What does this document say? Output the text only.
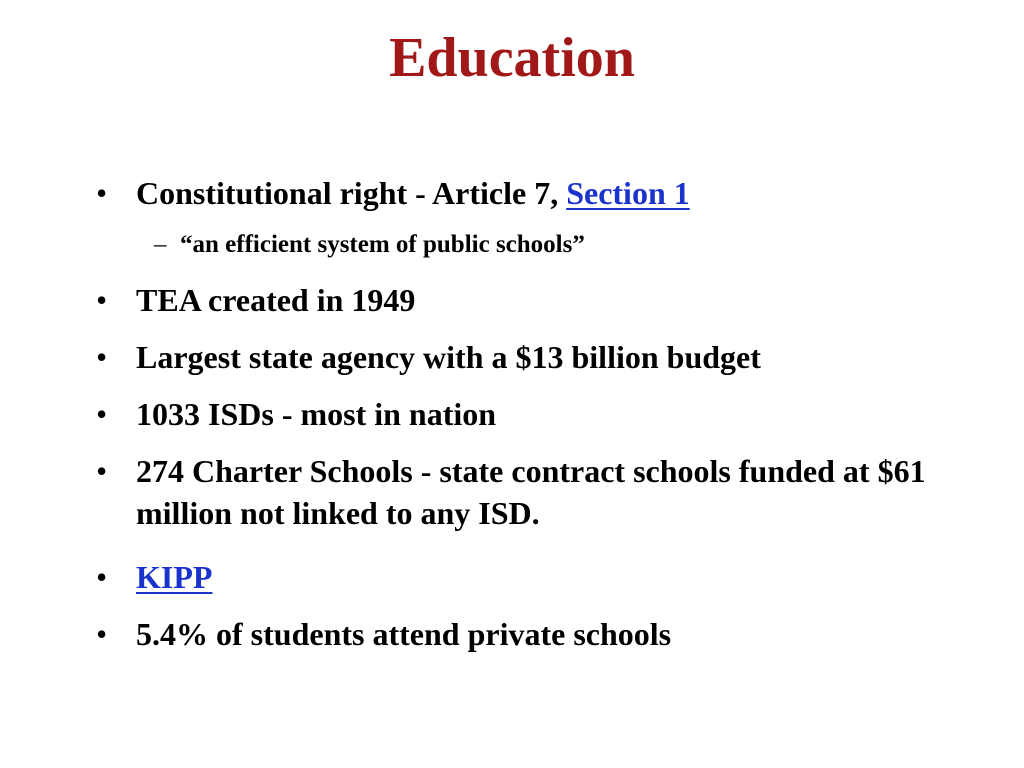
Education
• Constitutional right - Article 7, Section 1
– “an efficient system of public schools”
• TEA created in 1949
• Largest state agency with a $13 billion budget
• 1033 ISDs - most in nation
• 274 Charter Schools - state contract schools funded at $61 million not linked to any ISD.
• KIPP
• 5.4% of students attend private schools
